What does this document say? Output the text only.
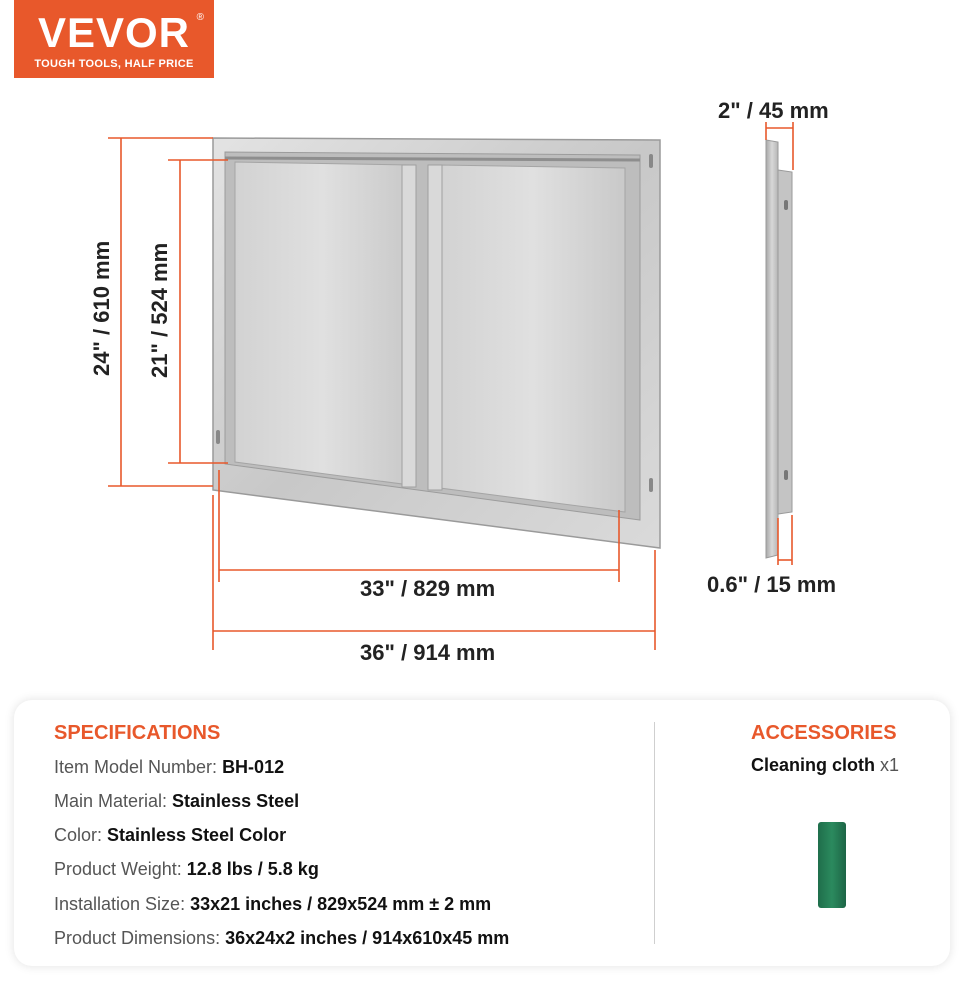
VEVOR ®
TOUGH TOOLS, HALF PRICE
24" / 610 mm 21" / 524 mm
33" / 829 mm
36" / 914 mm
2" / 45 mm
0.6" / 15 mm
SPECIFICATIONS
Item Model Number: BH-012
Main Material: Stainless Steel
Color: Stainless Steel Color
Product Weight: 12.8 lbs / 5.8 kg
Installation Size: 33x21 inches / 829x524 mm ± 2 mm
Product Dimensions: 36x24x2 inches / 914x610x45 mm
ACCESSORIES
Cleaning cloth x1
